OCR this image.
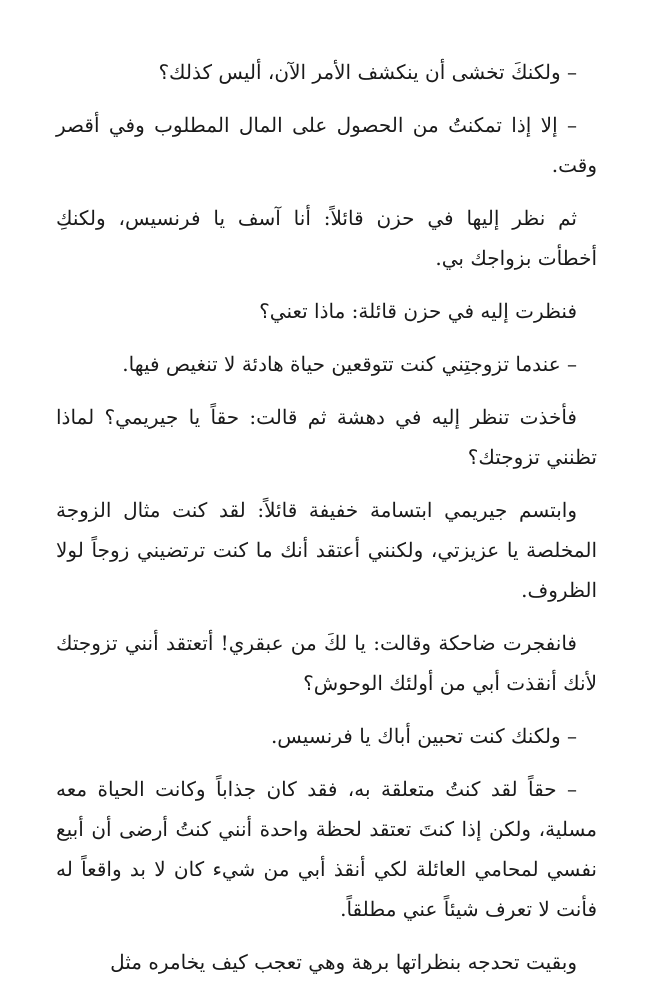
– ولكنكَ تخشى أن ينكشف الأمر الآن، أليس كذلك؟

– إلا إذا تمكنتُ من الحصول على المال المطلوب وفي أقصر وقت.

ثم نظر إليها في حزن قائلاً: أنا آسف يا فرنسيس، ولكنكِ أخطأت بزواجك بي.

فنظرت إليه في حزن قائلة: ماذا تعني؟

– عندما تزوجتِني كنت تتوقعين حياة هادئة لا تنغيص فيها.

فأخذت تنظر إليه في دهشة ثم قالت: حقاً يا جيريمي؟ لماذا تظنني تزوجتك؟

وابتسم جيريمي ابتسامة خفيفة قائلاً: لقد كنت مثال الزوجة المخلصة يا عزيزتي، ولكنني أعتقد أنك ما كنت ترتضيني زوجاً لولا الظروف.

فانفجرت ضاحكة وقالت: يا لكَ من عبقري! أتعتقد أنني تزوجتك لأنك أنقذت أبي من أولئك الوحوش؟

– ولكنك كنت تحبين أباك يا فرنسيس.

– حقاً لقد كنتُ متعلقة به، فقد كان جذاباً وكانت الحياة معه مسلية، ولكن إذا كنتَ تعتقد لحظة واحدة أنني كنتُ أرضى أن أبيع نفسي لمحامي العائلة لكي أنقذ أبي من شيء كان لا بد واقعاً له فأنت لا تعرف شيئاً عني مطلقاً.

وبقيت تحدجه بنظراتها برهة وهي تعجب كيف يخامره مثل
